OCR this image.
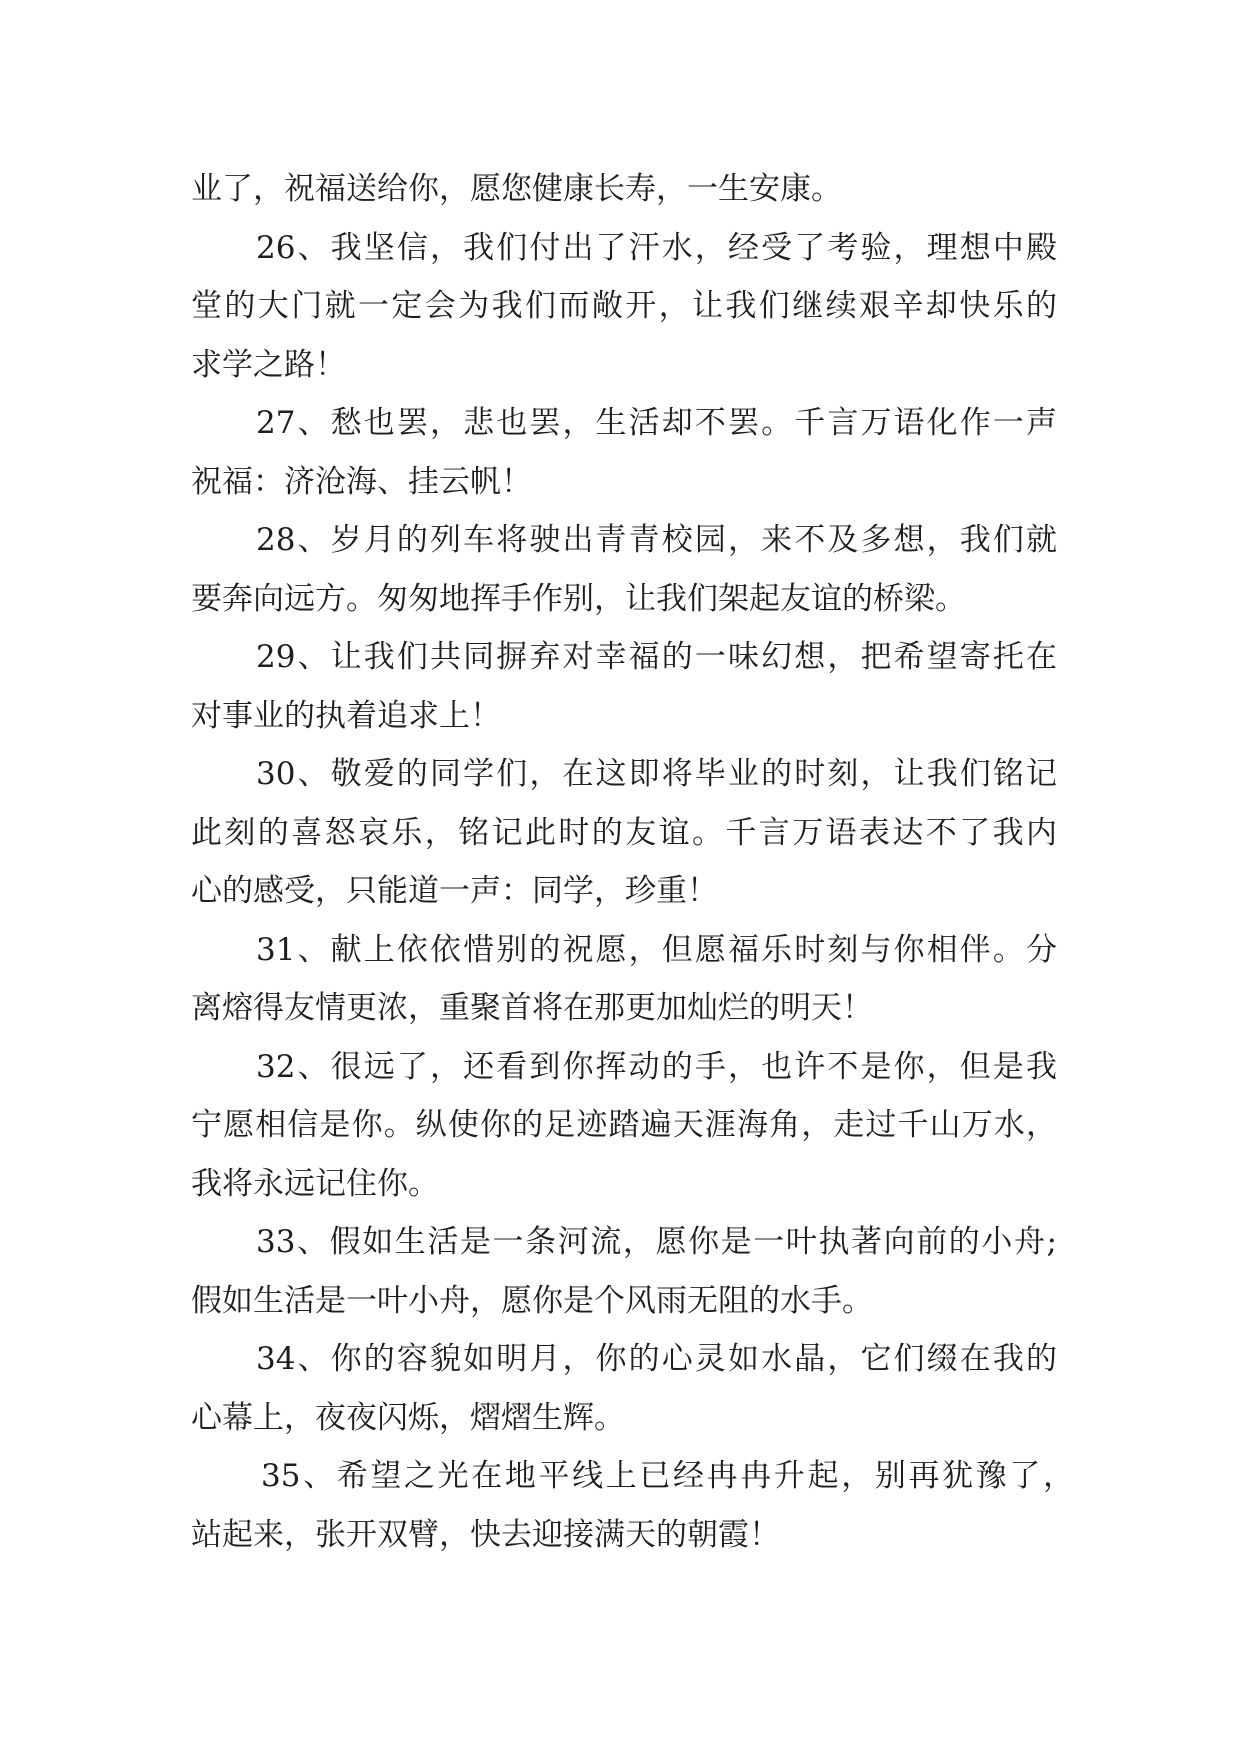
业了，祝福送给你，愿您健康长寿，一生安康。
26、我坚信，我们付出了汗水，经受了考验，理想中殿
堂的大门就一定会为我们而敞开，让我们继续艰辛却快乐的
求学之路！
27、愁也罢，悲也罢，生活却不罢。千言万语化作一声
祝福：济沧海、挂云帆！
28、岁月的列车将驶出青青校园，来不及多想，我们就
要奔向远方。匆匆地挥手作别，让我们架起友谊的桥梁。
29、让我们共同摒弃对幸福的一味幻想，把希望寄托在
对事业的执着追求上！
30、敬爱的同学们，在这即将毕业的时刻，让我们铭记
此刻的喜怒哀乐，铭记此时的友谊。千言万语表达不了我内
心的感受，只能道一声：同学，珍重！
31、献上依依惜别的祝愿，但愿福乐时刻与你相伴。分
离熔得友情更浓，重聚首将在那更加灿烂的明天！
32、很远了，还看到你挥动的手，也许不是你，但是我
宁愿相信是你。纵使你的足迹踏遍天涯海角，走过千山万水，
我将永远记住你。
33、假如生活是一条河流，愿你是一叶执著向前的小舟;
假如生活是一叶小舟，愿你是个风雨无阻的水手。
34、你的容貌如明月，你的心灵如水晶，它们缀在我的
心幕上，夜夜闪烁，熠熠生辉。
35、希望之光在地平线上已经冉冉升起，别再犹豫了，
站起来，张开双臂，快去迎接满天的朝霞！
